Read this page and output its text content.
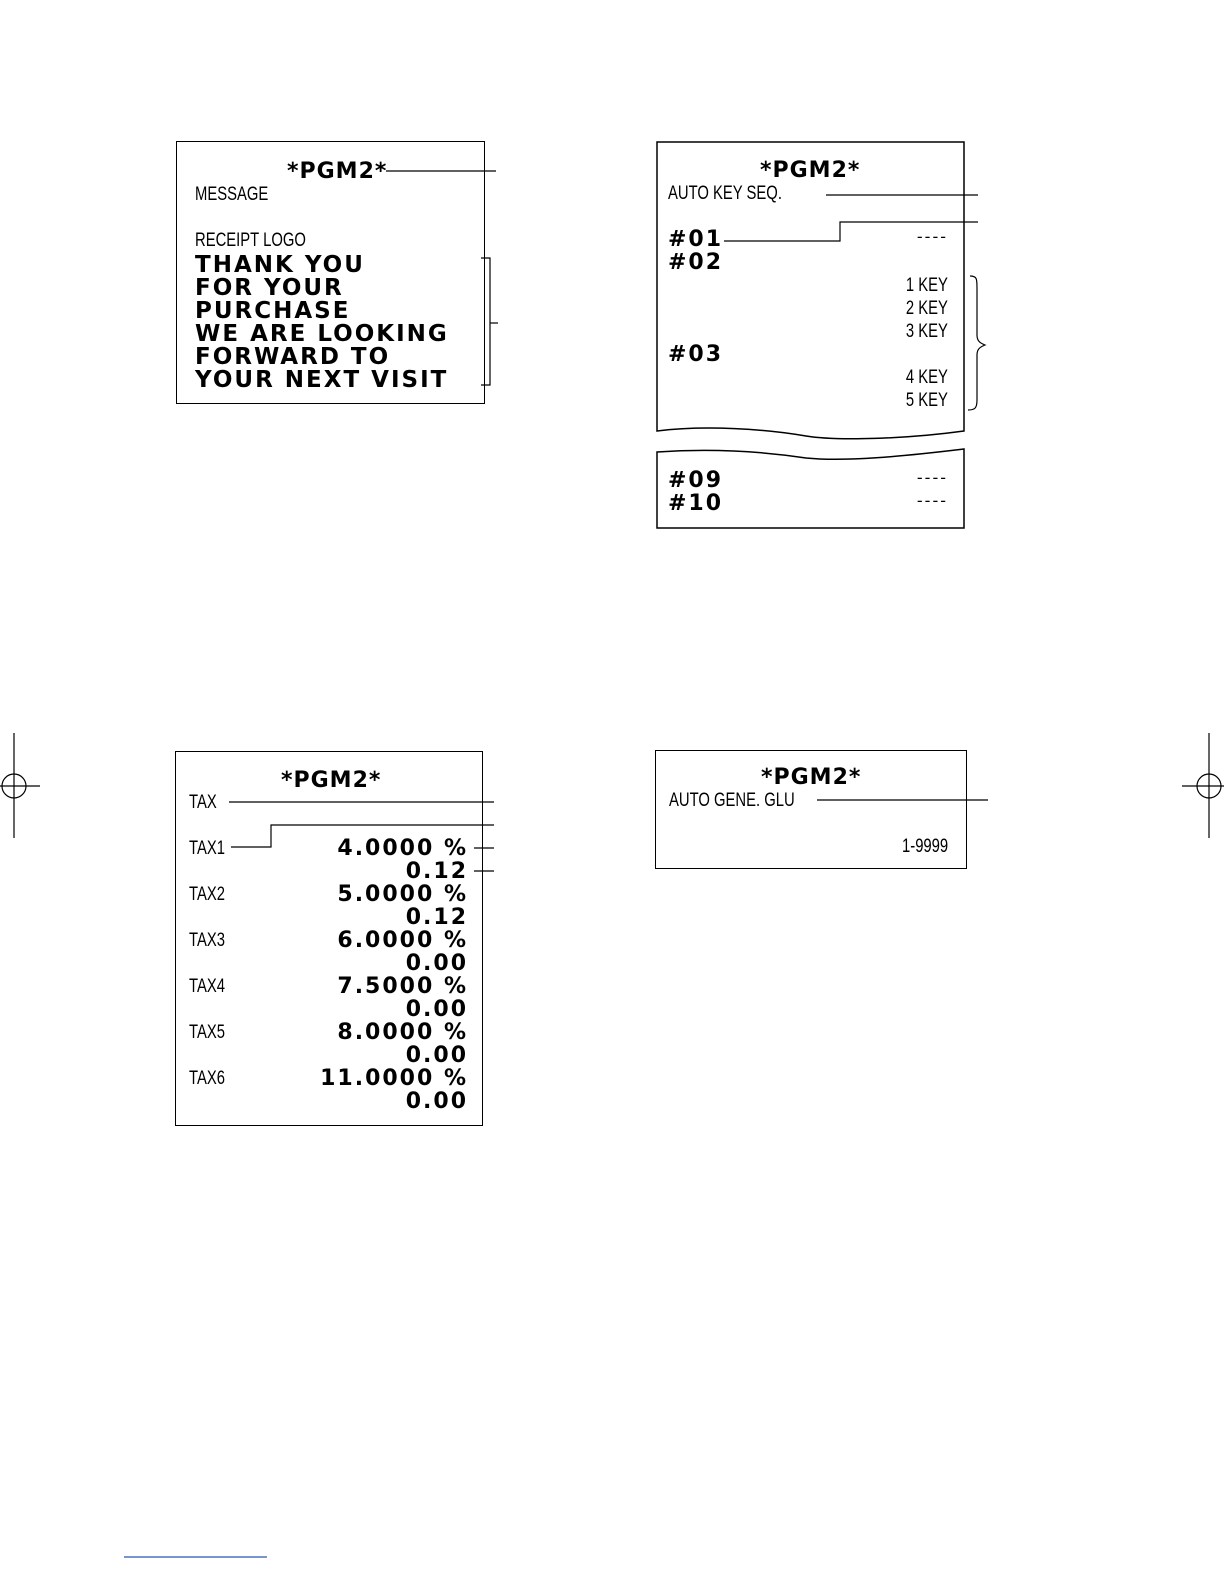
*PGM2*
MESSAGE
RECEIPT LOGO
THANK YOU
FOR YOUR
PURCHASE
WE ARE LOOKING
FORWARD TO
YOUR NEXT VISIT
*PGM2*
AUTO KEY SEQ.
#01	----
#02
1 KEY
2 KEY
3 KEY
#03
4 KEY
5 KEY
#09	----
#10	----
*PGM2*
TAX
TAX1	4.0000 %
0.12
TAX2	5.0000 %
0.12
TAX3	6.0000 %
0.00
TAX4	7.5000 %
0.00
TAX5	8.0000 %
0.00
TAX6	11.0000 %
0.00
*PGM2*
AUTO GENE. GLU
1-9999
